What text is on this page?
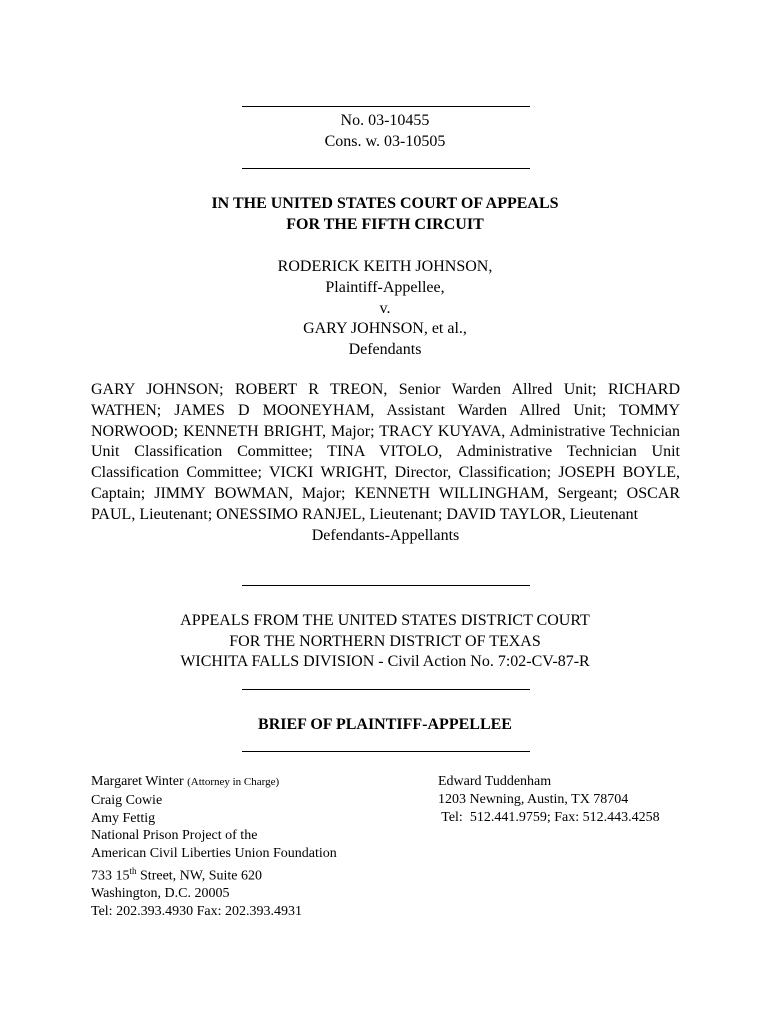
No. 03-10455
Cons. w. 03-10505
IN THE UNITED STATES COURT OF APPEALS
FOR THE FIFTH CIRCUIT
RODERICK KEITH JOHNSON,
Plaintiff-Appellee,
v.
GARY JOHNSON, et al.,
Defendants
GARY JOHNSON; ROBERT R TREON, Senior Warden Allred Unit; RICHARD WATHEN; JAMES D MOONEYHAM, Assistant Warden Allred Unit; TOMMY NORWOOD; KENNETH BRIGHT, Major; TRACY KUYAVA, Administrative Technician Unit Classification Committee; TINA VITOLO, Administrative Technician Unit Classification Committee; VICKI WRIGHT, Director, Classification; JOSEPH BOYLE, Captain; JIMMY BOWMAN, Major; KENNETH WILLINGHAM, Sergeant; OSCAR PAUL, Lieutenant; ONESSIMO RANJEL, Lieutenant; DAVID TAYLOR, Lieutenant
Defendants-Appellants
APPEALS FROM THE UNITED STATES DISTRICT COURT
FOR THE NORTHERN DISTRICT OF TEXAS
WICHITA FALLS DIVISION - Civil Action No. 7:02-CV-87-R
BRIEF OF PLAINTIFF-APPELLEE
Margaret Winter (Attorney in Charge)
Craig Cowie
Amy Fettig
National Prison Project of the
American Civil Liberties Union Foundation
733 15th Street, NW, Suite 620
Washington, D.C. 20005
Tel: 202.393.4930 Fax: 202.393.4931
Edward Tuddenham
1203 Newning, Austin, TX 78704
Tel:  512.441.9759; Fax: 512.443.4258
